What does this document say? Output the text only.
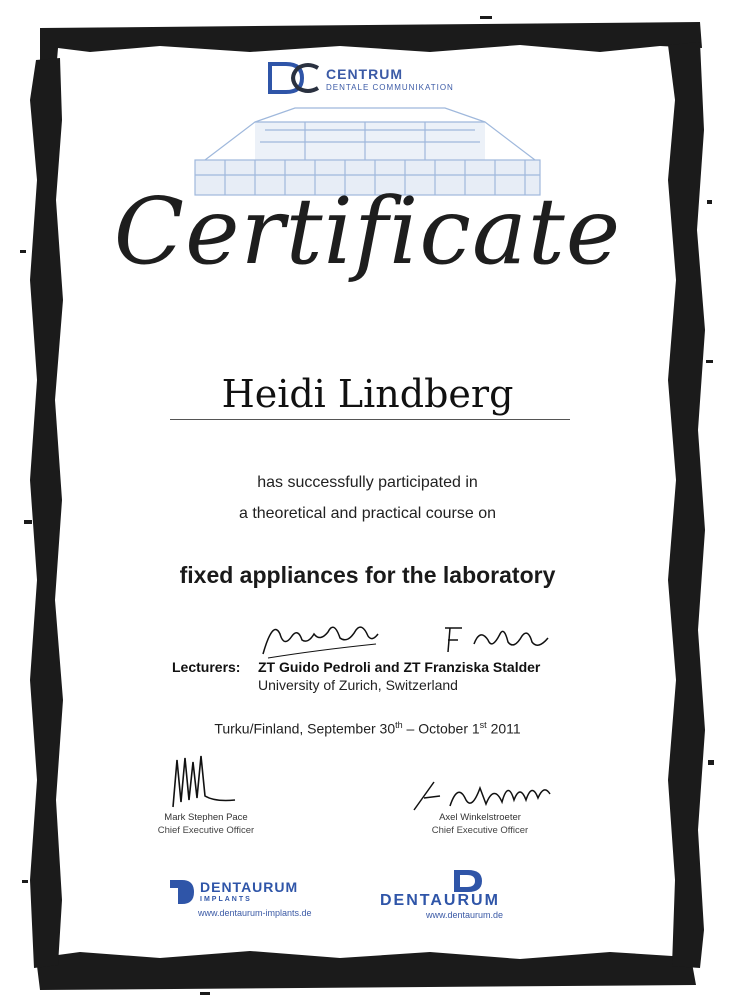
CENTRUM
DENTALE COMMUNIKATION
Certificate
Heidi Lindberg
has successfully participated in
a theoretical and practical course on
fixed appliances for the laboratory
Lecturers: ZT Guido Pedroli and ZT Franziska Stalder
University of Zurich, Switzerland
Turku/Finland, September 30th – October 1st 2011
Mark Stephen Pace
Chief Executive Officer
Axel Winkelstroeter
Chief Executive Officer
DENTAURUM
IMPLANTS
www.dentaurum-implants.de
DENTAURUM
www.dentaurum.de
